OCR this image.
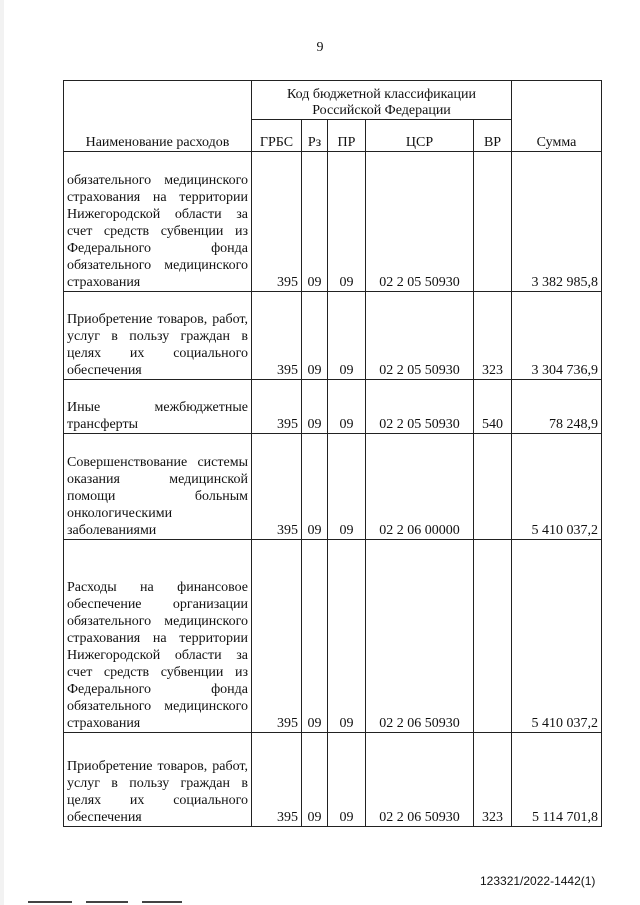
9
Наименование расходов	Код бюджетной классификации Российской Федерации					Сумма
	ГРБС	Рз	ПР	ЦСР	ВР	
обязательного медицинского страхования на территории Нижегородской области за счет средств субвенции из Федерального фонда обязательного медицинского страхования	395	09	09	02 2 05 50930		3 382 985,8
Приобретение товаров, работ, услуг в пользу граждан в целях их социального обеспечения	395	09	09	02 2 05 50930	323	3 304 736,9
Иные межбюджетные трансферты	395	09	09	02 2 05 50930	540	78 248,9
Совершенствование системы оказания медицинской помощи больным онкологическими заболеваниями	395	09	09	02 2 06 00000		5 410 037,2
Расходы на финансовое обеспечение организации обязательного медицинского страхования на территории Нижегородской области за счет средств субвенции из Федерального фонда обязательного медицинского страхования	395	09	09	02 2 06 50930		5 410 037,2
Приобретение товаров, работ, услуг в пользу граждан в целях их социального обеспечения	395	09	09	02 2 06 50930	323	5 114 701,8
123321/2022-1442(1)
